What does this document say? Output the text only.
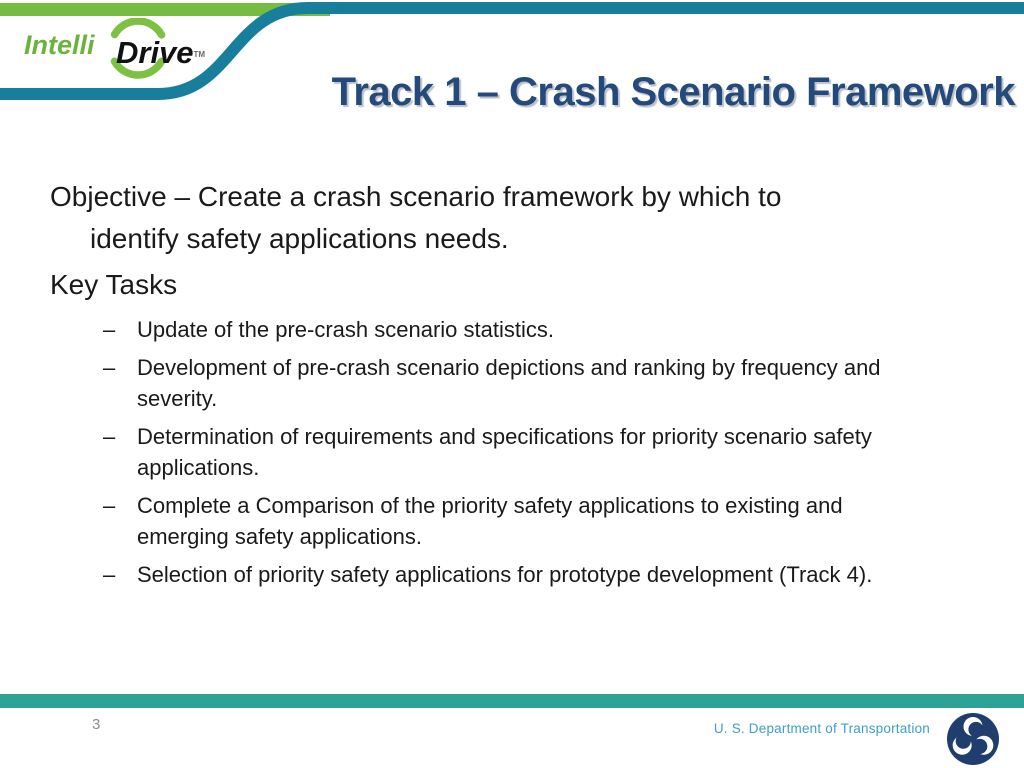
Intelli DriveTM
Track 1 – Crash Scenario Framework
Objective – Create a crash scenario framework by which to
identify safety applications needs.
Key Tasks
– Update of the pre-crash scenario statistics.
– Development of pre-crash scenario depictions and ranking by frequency and
severity.
– Determination of requirements and specifications for priority scenario safety
applications.
– Complete a Comparison of the priority safety applications to existing and
emerging safety applications.
– Selection of priority safety applications for prototype development (Track 4).
3	U. S. Department of Transportation
